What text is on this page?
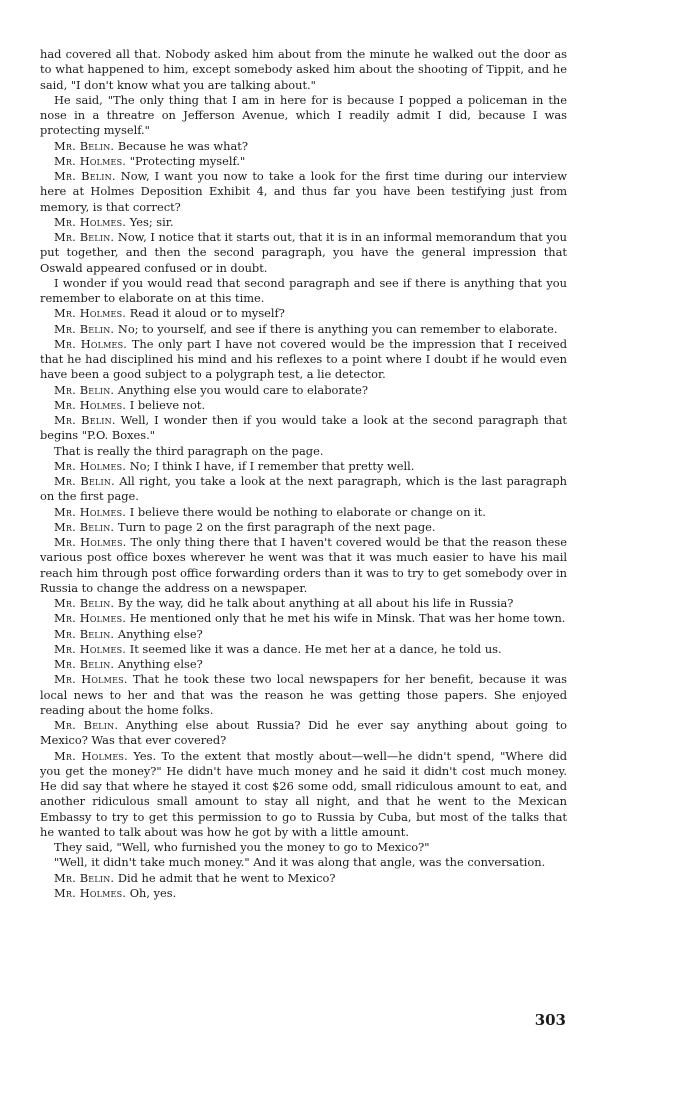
had covered all that. Nobody asked him about from the minute he walked out the door as to what happened to him, except somebody asked him about the shooting of Tippit, and he said, "I don't know what you are talking about."

He said, "The only thing that I am in here for is because I popped a policeman in the nose in a threatre on Jefferson Avenue, which I readily admit I did, because I was protecting myself."

Mr. Belin. Because he was what?

Mr. Holmes. "Protecting myself."

Mr. Belin. Now, I want you now to take a look for the first time during our interview here at Holmes Deposition Exhibit 4, and thus far you have been testifying just from memory, is that correct?

Mr. Holmes. Yes; sir.

Mr. Belin. Now, I notice that it starts out, that it is in an informal memorandum that you put together, and then the second paragraph, you have the general impression that Oswald appeared confused or in doubt.

I wonder if you would read that second paragraph and see if there is anything that you remember to elaborate on at this time.

Mr. Holmes. Read it aloud or to myself?

Mr. Belin. No; to yourself, and see if there is anything you can remember to elaborate.

Mr. Holmes. The only part I have not covered would be the impression that I received that he had disciplined his mind and his reflexes to a point where I doubt if he would even have been a good subject to a polygraph test, a lie detector.

Mr. Belin. Anything else you would care to elaborate?

Mr. Holmes. I believe not.

Mr. Belin. Well, I wonder then if you would take a look at the second paragraph that begins "P.O. Boxes."

That is really the third paragraph on the page.

Mr. Holmes. No; I think I have, if I remember that pretty well.

Mr. Belin. All right, you take a look at the next paragraph, which is the last paragraph on the first page.

Mr. Holmes. I believe there would be nothing to elaborate or change on it.

Mr. Belin. Turn to page 2 on the first paragraph of the next page.

Mr. Holmes. The only thing there that I haven't covered would be that the reason these various post office boxes wherever he went was that it was much easier to have his mail reach him through post office forwarding orders than it was to try to get somebody over in Russia to change the address on a newspaper.

Mr. Belin. By the way, did he talk about anything at all about his life in Russia?

Mr. Holmes. He mentioned only that he met his wife in Minsk. That was her home town.

Mr. Belin. Anything else?

Mr. Holmes. It seemed like it was a dance. He met her at a dance, he told us.

Mr. Belin. Anything else?

Mr. Holmes. That he took these two local newspapers for her benefit, because it was local news to her and that was the reason he was getting those papers. She enjoyed reading about the home folks.

Mr. Belin. Anything else about Russia? Did he ever say anything about going to Mexico? Was that ever covered?

Mr. Holmes. Yes. To the extent that mostly about—well—he didn't spend, "Where did you get the money?" He didn't have much money and he said it didn't cost much money. He did say that where he stayed it cost $26 some odd, small ridiculous amount to eat, and another ridiculous small amount to stay all night, and that he went to the Mexican Embassy to try to get this permission to go to Russia by Cuba, but most of the talks that he wanted to talk about was how he got by with a little amount.

They said, "Well, who furnished you the money to go to Mexico?"

"Well, it didn't take much money." And it was along that angle, was the conversation.

Mr. Belin. Did he admit that he went to Mexico?

Mr. Holmes. Oh, yes.

303
